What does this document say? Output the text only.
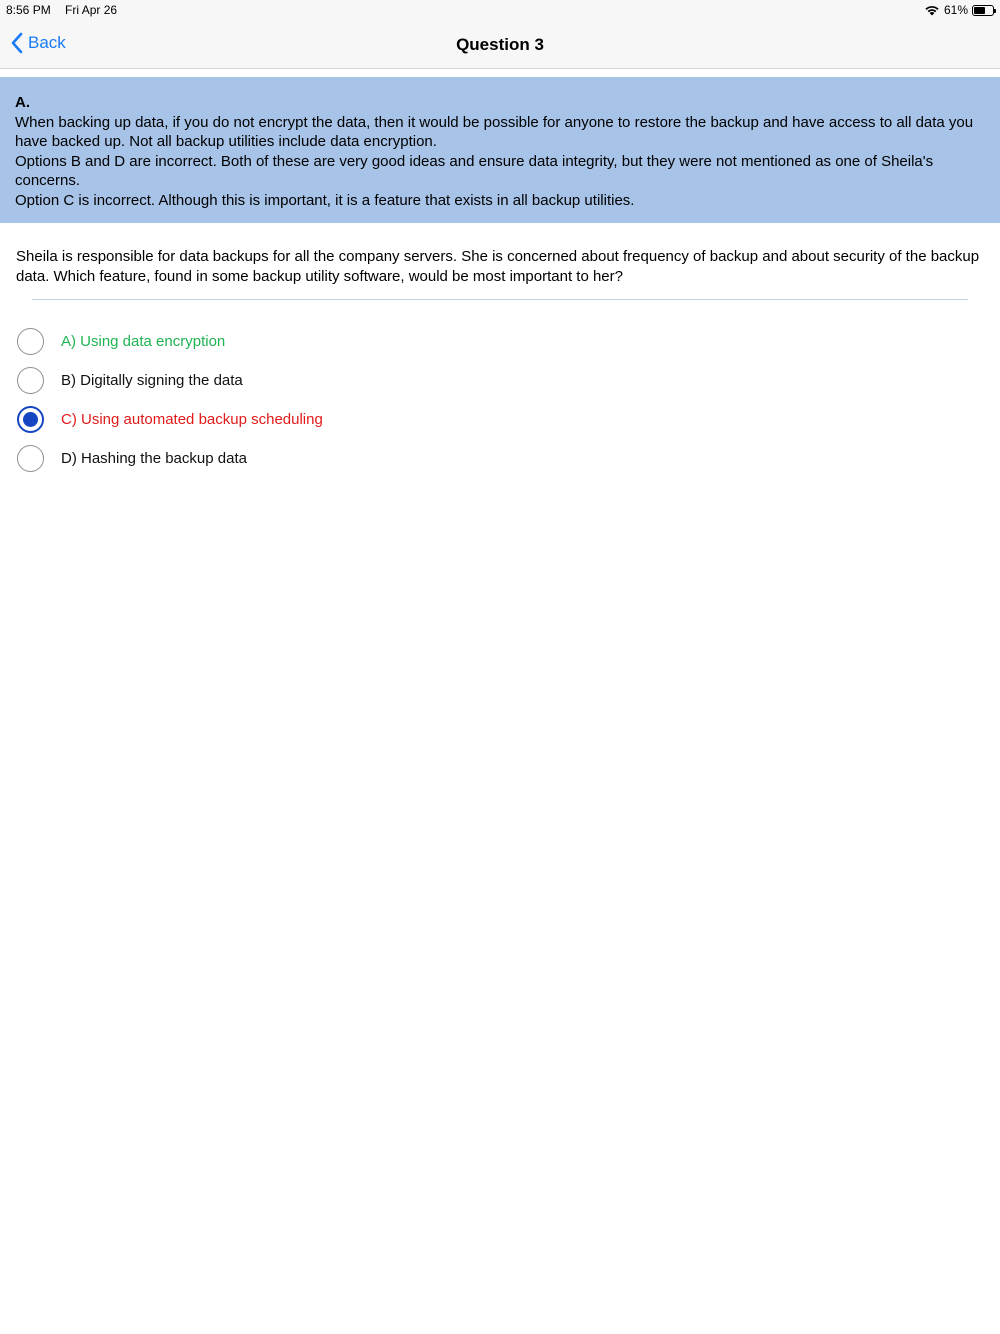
8:56 PM Fri Apr 26	61%
Back	Question 3
A.
When backing up data, if you do not encrypt the data, then it would be possible for anyone to restore the backup and have access to all data you have backed up. Not all backup utilities include data encryption.
Options B and D are incorrect. Both of these are very good ideas and ensure data integrity, but they were not mentioned as one of Sheila's concerns.
Option C is incorrect. Although this is important, it is a feature that exists in all backup utilities.
Sheila is responsible for data backups for all the company servers. She is concerned about frequency of backup and about security of the backup data. Which feature, found in some backup utility software, would be most important to her?
A) Using data encryption
B) Digitally signing the data
C) Using automated backup scheduling
D) Hashing the backup data
